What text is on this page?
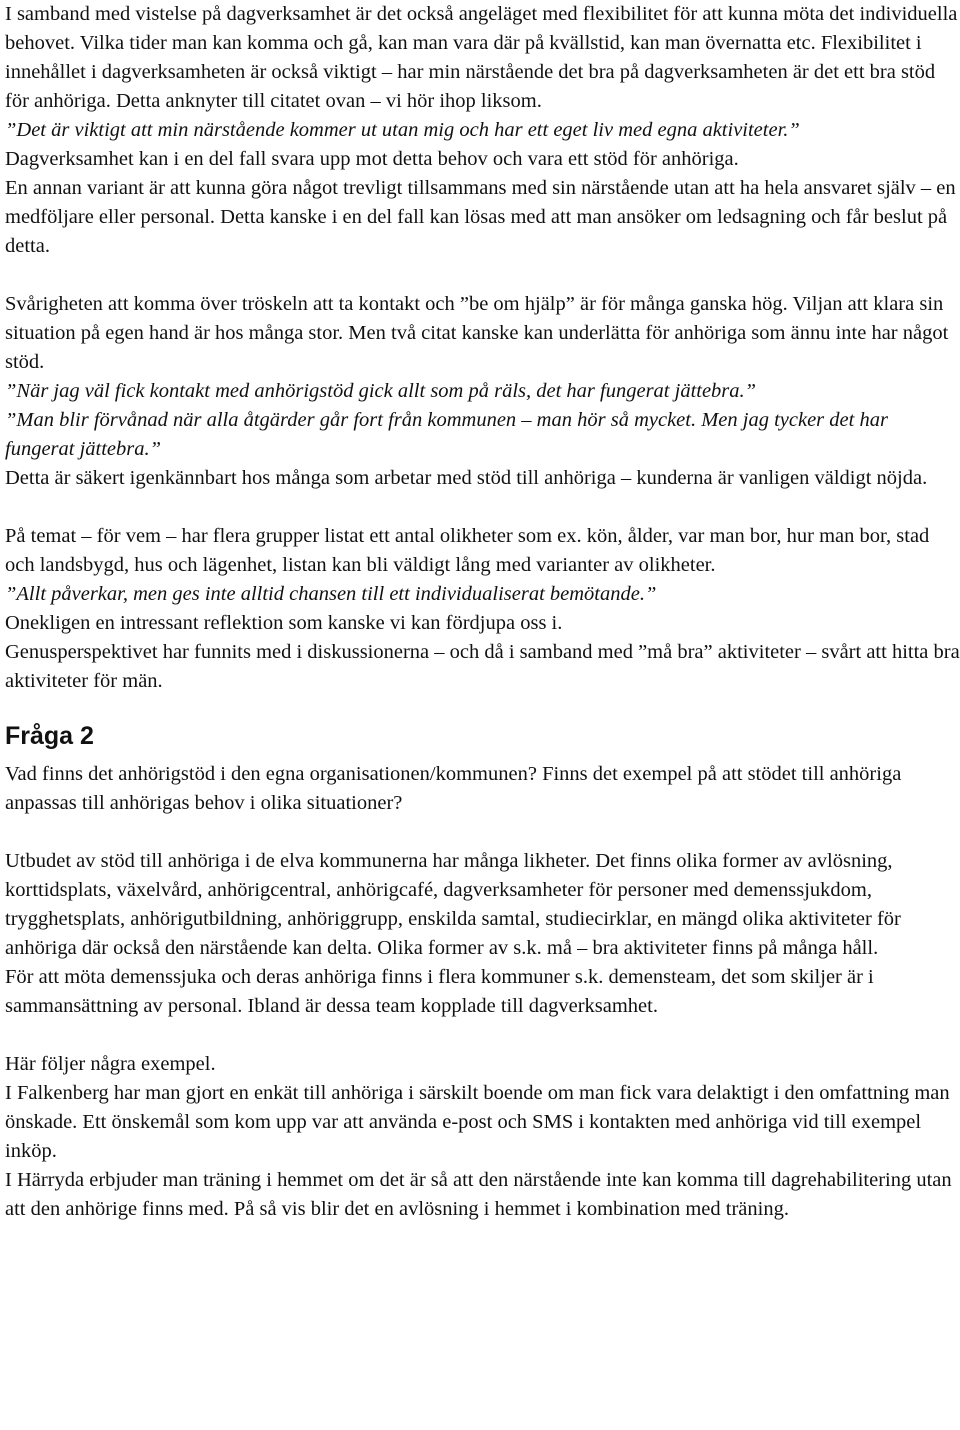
I samband med vistelse på dagverksamhet är det också angeläget med flexibilitet för att kunna möta det individuella behovet. Vilka tider man kan komma och gå, kan man vara där på kvällstid, kan man övernatta etc. Flexibilitet i innehållet i dagverksamheten är också viktigt – har min närstående det bra på dagverksamheten är det ett bra stöd för anhöriga. Detta anknyter till citatet ovan – vi hör ihop liksom.

”Det är viktigt att min närstående kommer ut utan mig och har ett eget liv med egna aktiviteter.”

Dagverksamhet kan i en del fall svara upp mot detta behov och vara ett stöd för anhöriga.

En annan variant är att kunna göra något trevligt tillsammans med sin närstående utan att ha hela ansvaret själv – en medföljare eller personal. Detta kanske i en del fall kan lösas med att man ansöker om ledsagning och får beslut på detta.

Svårigheten att komma över tröskeln att ta kontakt och ”be om hjälp” är för många ganska hög. Viljan att klara sin situation på egen hand är hos många stor. Men två citat kanske kan underlätta för anhöriga som ännu inte har något stöd.

”När jag väl fick kontakt med anhörigstöd gick allt som på räls, det har fungerat jättebra.”

”Man blir förvånad när alla åtgärder går fort från kommunen – man hör så mycket. Men jag tycker det har fungerat jättebra.”

Detta är säkert igenkännbart hos många som arbetar med stöd till anhöriga – kunderna är vanligen väldigt nöjda.

På temat – för vem – har flera grupper listat ett antal olikheter som ex. kön, ålder, var man bor, hur man bor, stad och landsbygd, hus och lägenhet, listan kan bli väldigt lång med varianter av olikheter.

”Allt påverkar, men ges inte alltid chansen till ett individualiserat bemötande.”

Onekligen en intressant reflektion som kanske vi kan fördjupa oss i.

Genusperspektivet har funnits med i diskussionerna – och då i samband med ”må bra” aktiviteter – svårt att hitta bra aktiviteter för män.

Fråga 2

Vad finns det anhörigstöd i den egna organisationen/kommunen? Finns det exempel på att stödet till anhöriga anpassas till anhörigas behov i olika situationer?

Utbudet av stöd till anhöriga i de elva kommunerna har många likheter. Det finns olika former av avlösning, korttidsplats, växelvård, anhörigcentral, anhörigcafé, dagverksamheter för personer med demenssjukdom, trygghetsplats, anhörigutbildning, anhöriggrupp, enskilda samtal, studiecirklar, en mängd olika aktiviteter för anhöriga där också den närstående kan delta. Olika former av s.k. må – bra aktiviteter finns på många håll.

För att möta demenssjuka och deras anhöriga finns i flera kommuner s.k. demensteam, det som skiljer är i sammansättning av personal. Ibland är dessa team kopplade till dagverksamhet.

Här följer några exempel.

I Falkenberg har man gjort en enkät till anhöriga i särskilt boende om man fick vara delaktigt i den omfattning man önskade. Ett önskemål som kom upp var att använda e-post och SMS i kontakten med anhöriga vid till exempel inköp.

I Härryda erbjuder man träning i hemmet om det är så att den närstående inte kan komma till dagrehabilitering utan att den anhörige finns med. På så vis blir det en avlösning i hemmet i kombination med träning.
